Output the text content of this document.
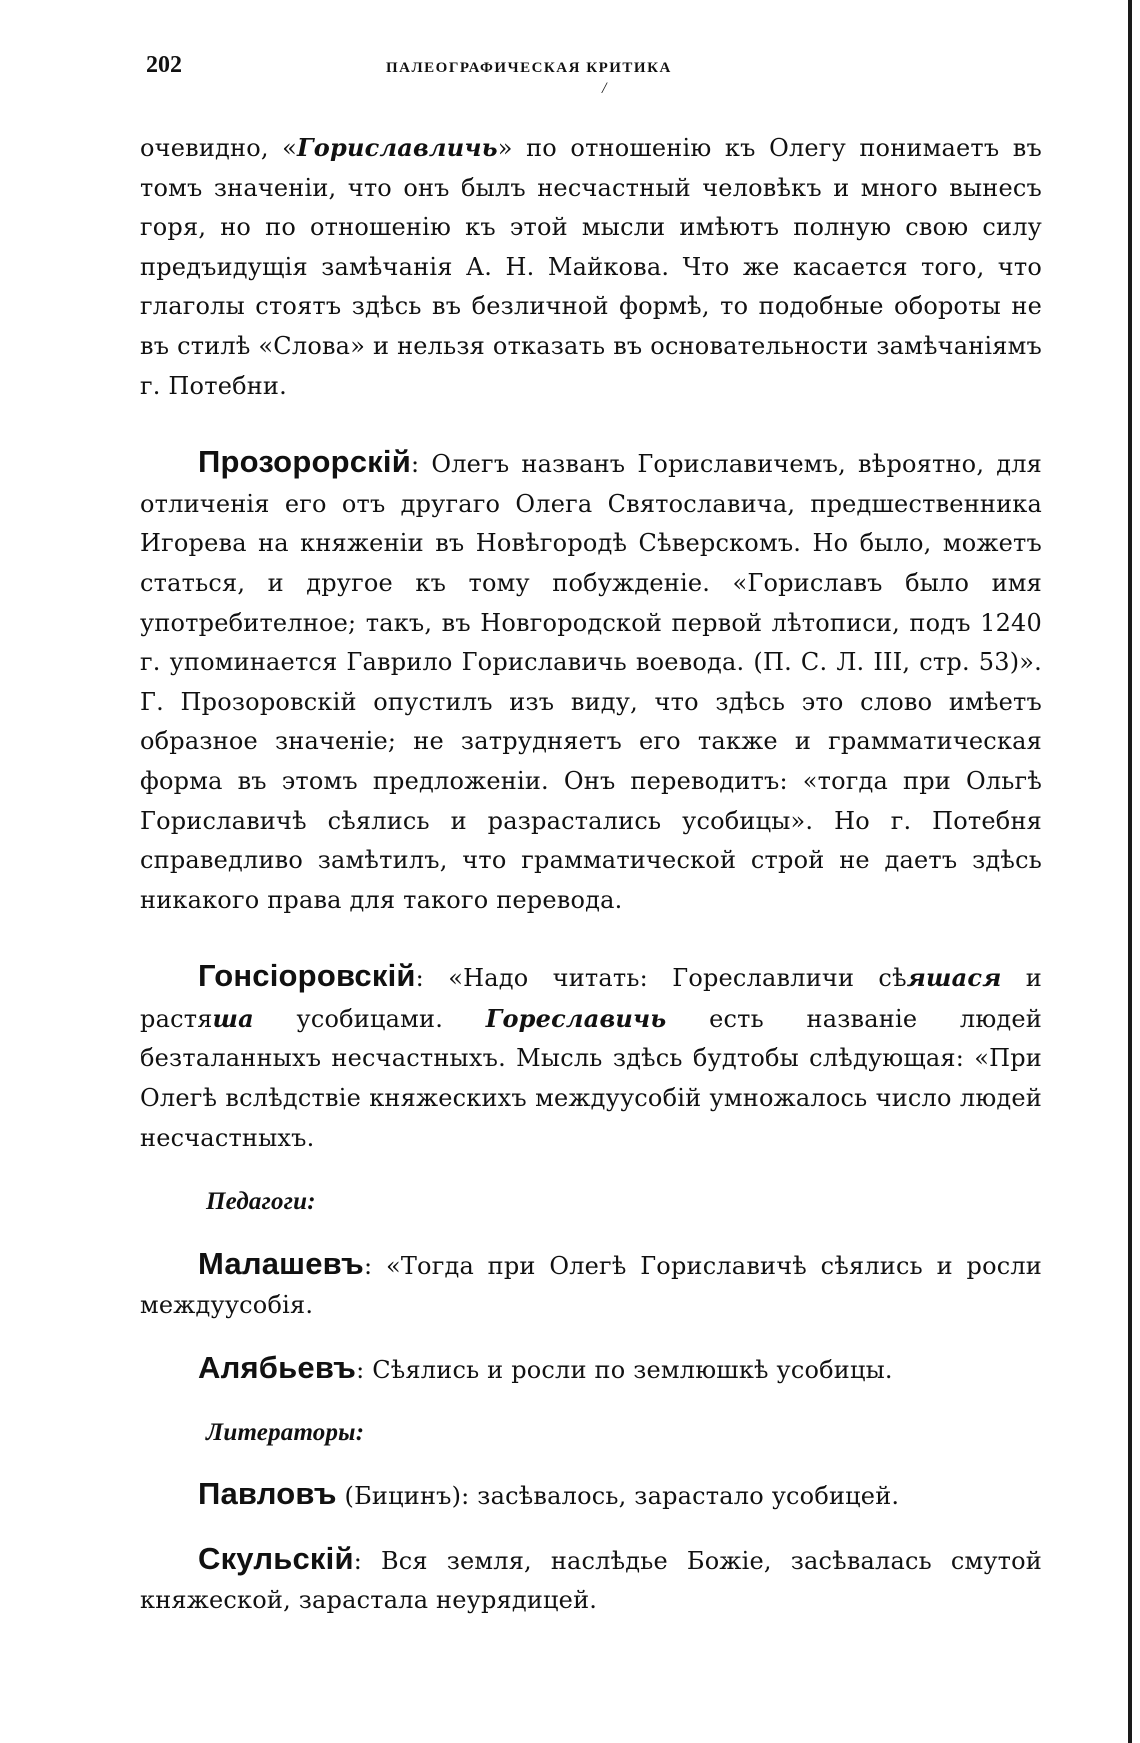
202	ПАЛЕОГРАФИЧЕСКАЯ КРИТИКА
/

очевидно, «Гориславличь» по отношенію къ Олегу понимаетъ въ томъ значеніи, что онъ былъ несчастный человѣкъ и много вынесъ горя, но по отношенію къ этой мысли имѣютъ полную свою силу предъидущія замѣчанія А. Н. Майкова. Что же касается того, что глаголы стоятъ здѣсь въ безличной формѣ, то подобные обороты не въ стилѣ «Слова» и нельзя отказать въ основательности замѣчаніямъ г. Потебни.

Прозорорскій: Олегъ названъ Гориславичемъ, вѣроятно, для отличенія его отъ другаго Олега Святославича, предшественника Игорева на княженіи въ Новѣгородѣ Сѣверскомъ. Но было, можетъ статься, и другое къ тому побужденіе. «Гориславъ было имя употребителное; такъ, въ Новгородской первой лѣтописи, подъ 1240 г. упоминается Гаврило Гориславичь воевода. (П. С. Л. III, стр. 53)». Г. Прозоровскій опустилъ изъ виду, что здѣсь это слово имѣетъ образное значеніе; не затрудняетъ его также и грамматическая форма въ этомъ предложеніи. Онъ переводитъ: «тогда при Ольгѣ Гориславичѣ сѣялись и разрастались усобицы». Но г. Потебня справедливо замѣтилъ, что грамматической строй не даетъ здѣсь никакого права для такого перевода.

Гонсіоровскій: «Надо читать: Гореславличи сѣяшася и растяша усобицами. Гореславичь есть названіе людей безталанныхъ несчастныхъ. Мысль здѣсь будтобы слѣдующая: «При Олегѣ вслѣдствіе княжескихъ междуусобій умножалось число людей несчастныхъ.

Педагоги:

Малашевъ: «Тогда при Олегѣ Гориславичѣ сѣялись и росли междуусобія.

Алябьевъ: Сѣялись и росли по землюшкѣ усобицы.

Литераторы:

Павловъ (Бицинъ): засѣвалось, зарастало усобицей.

Скульскій: Вся земля, наслѣдье Божіе, засѣвалась смутой княжеской, зарастала неурядицей.
